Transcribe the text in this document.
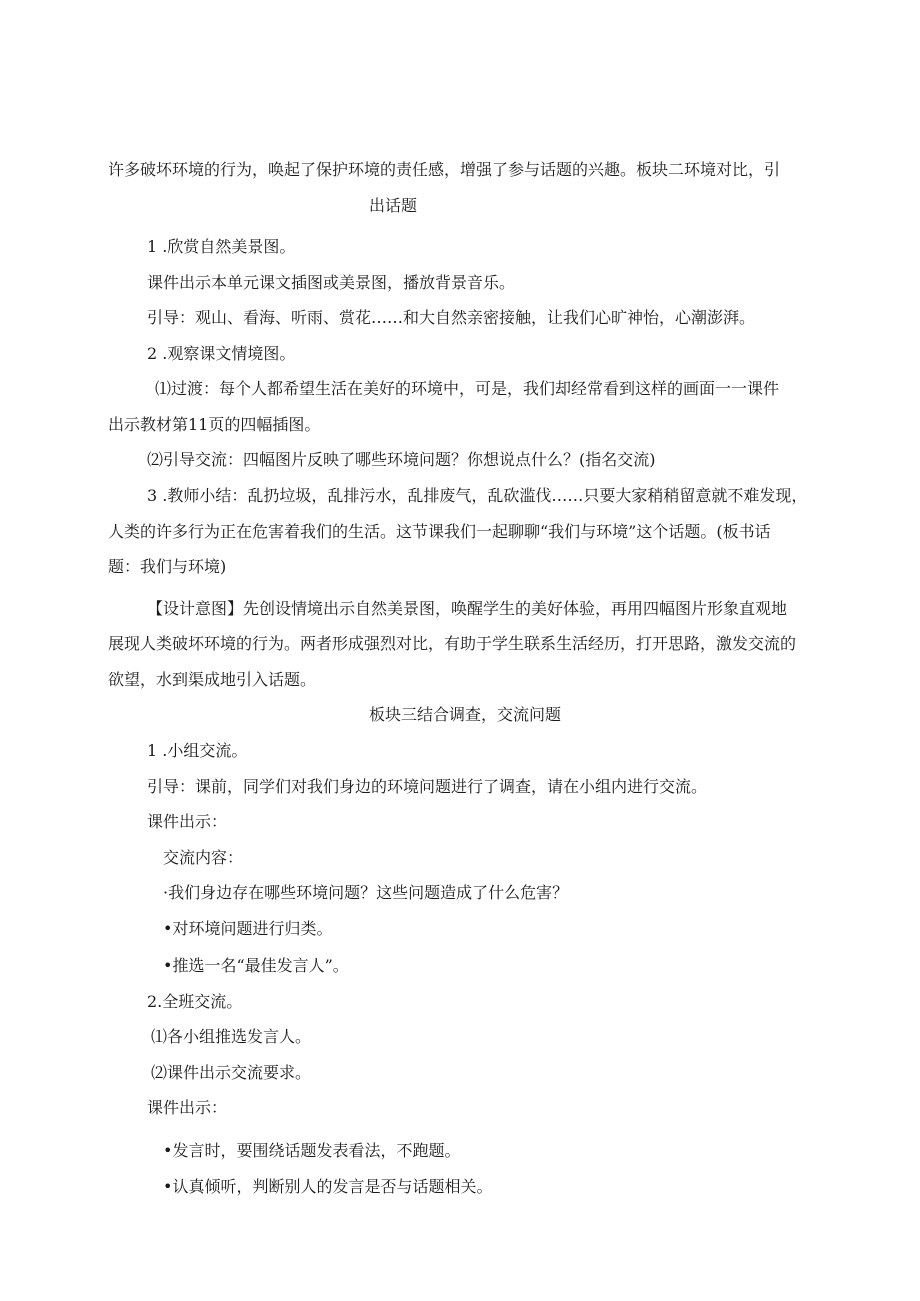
许多破坏环境的行为，唤起了保护环境的责任感，增强了参与话题的兴趣。板块二环境对比，引

出话题

1 .欣赏自然美景图。

课件出示本单元课文插图或美景图，播放背景音乐。

引导：观山、看海、听雨、赏花……和大自然亲密接触，让我们心旷神怡，心潮澎湃。

2 .观察课文情境图。

⑴过渡：每个人都希望生活在美好的环境中，可是，我们却经常看到这样的画面一一课件

出示教材第11页的四幅插图。

⑵引导交流：四幅图片反映了哪些环境问题？你想说点什么？(指名交流)

3 .教师小结：乱扔垃圾，乱排污水，乱排废气，乱砍滥伐……只要大家稍稍留意就不难发现，

人类的许多行为正在危害着我们的生活。这节课我们一起聊聊“我们与环境”这个话题。(板书话

题：我们与环境)

【设计意图】先创设情境出示自然美景图，唤醒学生的美好体验，再用四幅图片形象直观地

展现人类破坏环境的行为。两者形成强烈对比，有助于学生联系生活经历，打开思路，激发交流的

欲望，水到渠成地引入话题。

板块三结合调查，交流问题

1 .小组交流。

引导：课前，同学们对我们身边的环境问题进行了调查，请在小组内进行交流。

课件出示：

交流内容：

·我们身边存在哪些环境问题？这些问题造成了什么危害？

•对环境问题进行归类。

•推选一名“最佳发言人”。

2.全班交流。

⑴各小组推选发言人。

⑵课件出示交流要求。

课件出示：

•发言时，要围绕话题发表看法，不跑题。

•认真倾听，判断别人的发言是否与话题相关。
